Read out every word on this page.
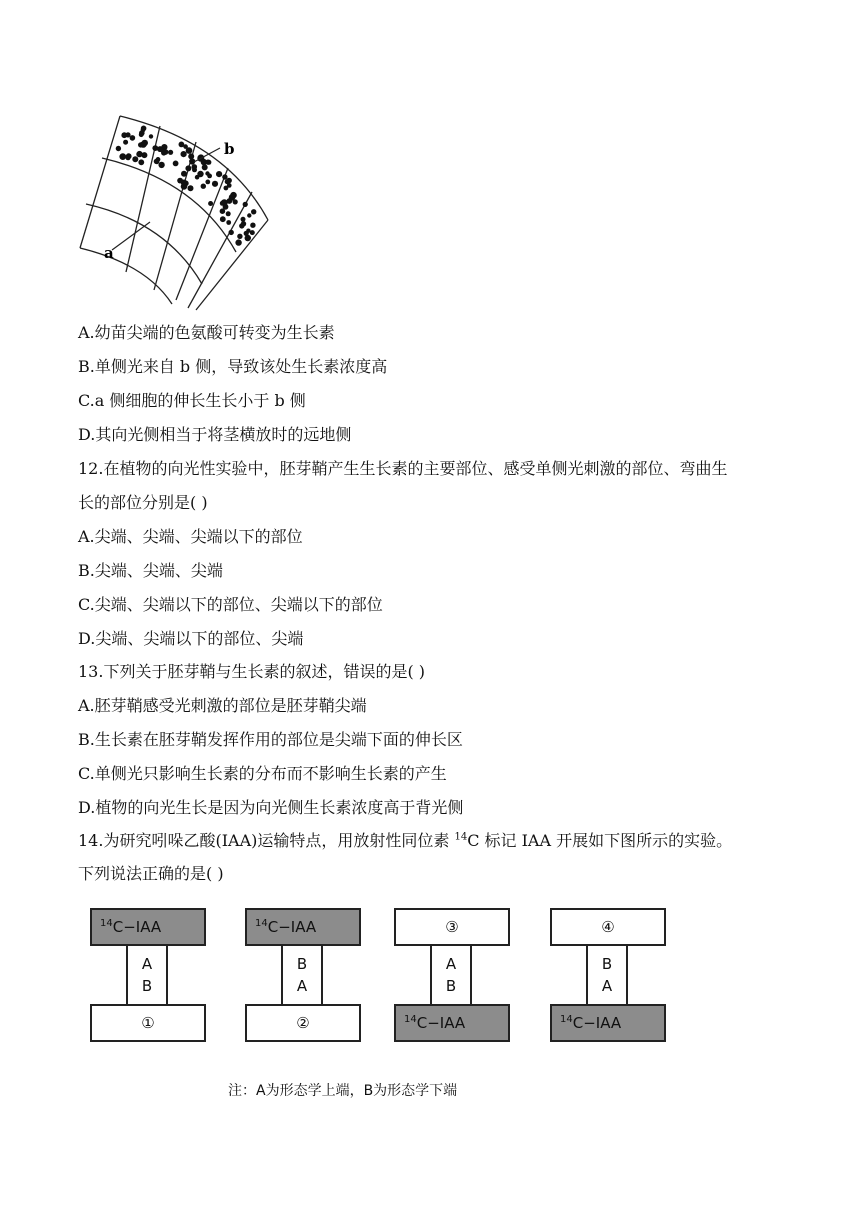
b
a
A.幼苗尖端的色氨酸可转变为生长素
B.单侧光来自 b 侧，导致该处生长素浓度高
C.a 侧细胞的伸长生长小于 b 侧
D.其向光侧相当于将茎横放时的远地侧
12.在植物的向光性实验中，胚芽鞘产生生长素的主要部位、感受单侧光刺激的部位、弯曲生
长的部位分别是( )
A.尖端、尖端、尖端以下的部位
B.尖端、尖端、尖端
C.尖端、尖端以下的部位、尖端以下的部位
D.尖端、尖端以下的部位、尖端
13.下列关于胚芽鞘与生长素的叙述，错误的是( )
A.胚芽鞘感受光刺激的部位是胚芽鞘尖端
B.生长素在胚芽鞘发挥作用的部位是尖端下面的伸长区
C.单侧光只影响生长素的分布而不影响生长素的产生
D.植物的向光生长是因为向光侧生长素浓度高于背光侧
14.为研究吲哚乙酸(IAA)运输特点，用放射性同位素 $^{14}$C 标记 IAA 开展如下图所示的实验。
下列说法正确的是( )
$^{14}$C−IAA
A
B
①
$^{14}$C−IAA
B
A
②
③
A
B
$^{14}$C−IAA
④
B
A
$^{14}$C−IAA
注：A为形态学上端，B为形态学下端
